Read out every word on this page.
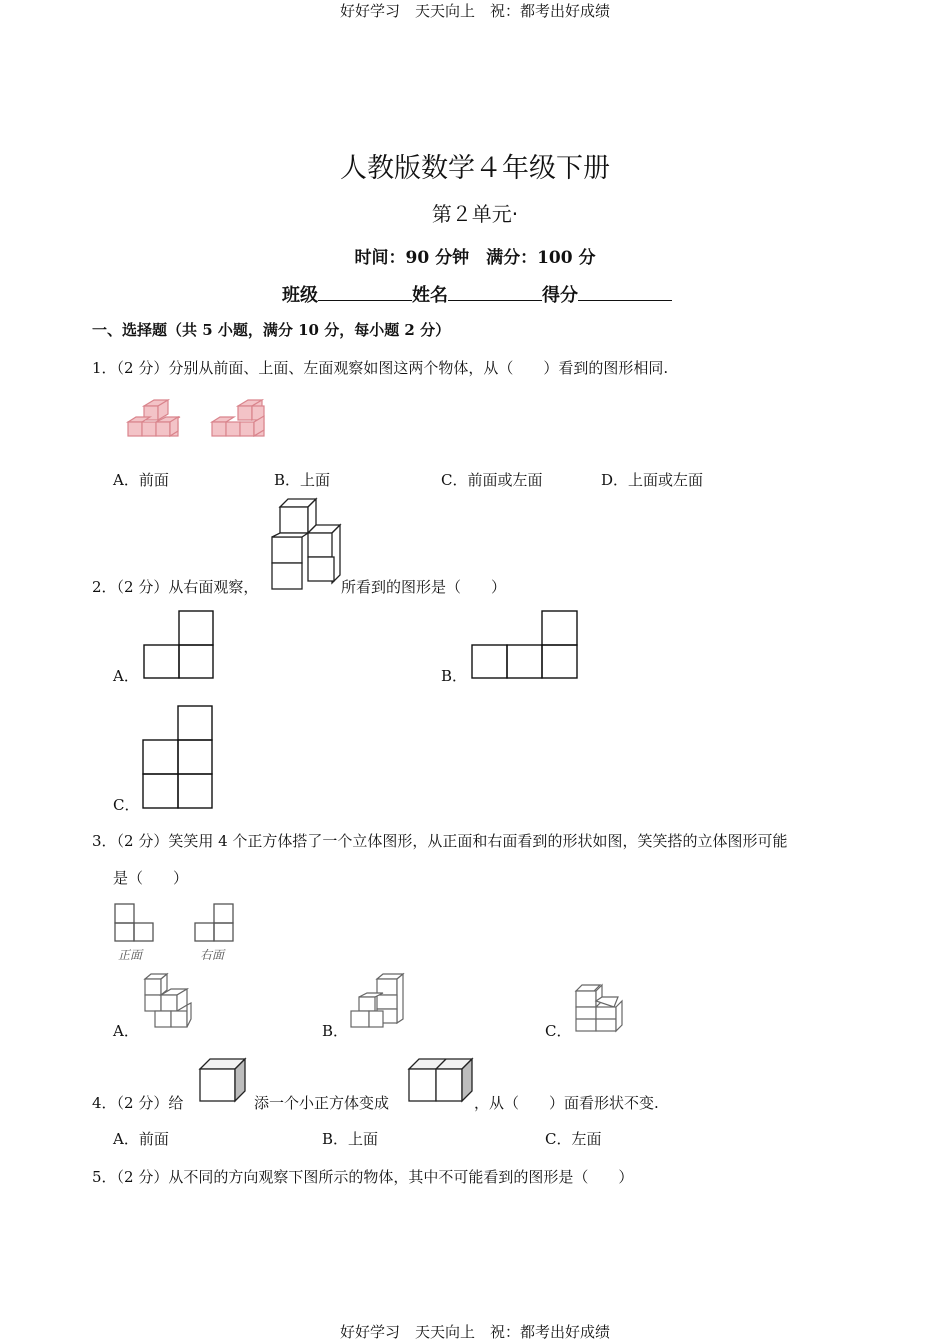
好好学习　天天向上　祝：都考出好成绩
好好学习　天天向上　祝：都考出好成绩
人教版数学４年级下册
第２单元·
时间：90 分钟　满分：100 分
班级	姓名	得分
一、选择题（共 5 小题，满分 10 分，每小题 2 分）
1．（2 分）分别从前面、上面、左面观察如图这两个物体，从（　　）看到的图形相同.
A．前面	B．上面	C．前面或左面	D．上面或左面
2．（2 分）从右面观察，	所看到的图形是（　　）
A．	B．
C．
3．（2 分）笑笑用 4 个正方体搭了一个立体图形，从正面和右面看到的形状如图，笑笑搭的立体图形可能
是（　　）
正面	右面
A．	B．	C．
4．（2 分）给	添一个小正方体变成	，从（　　）面看形状不变.
A．前面	B．上面	C．左面
5．（2 分）从不同的方向观察下图所示的物体，其中不可能看到的图形是（　　）
